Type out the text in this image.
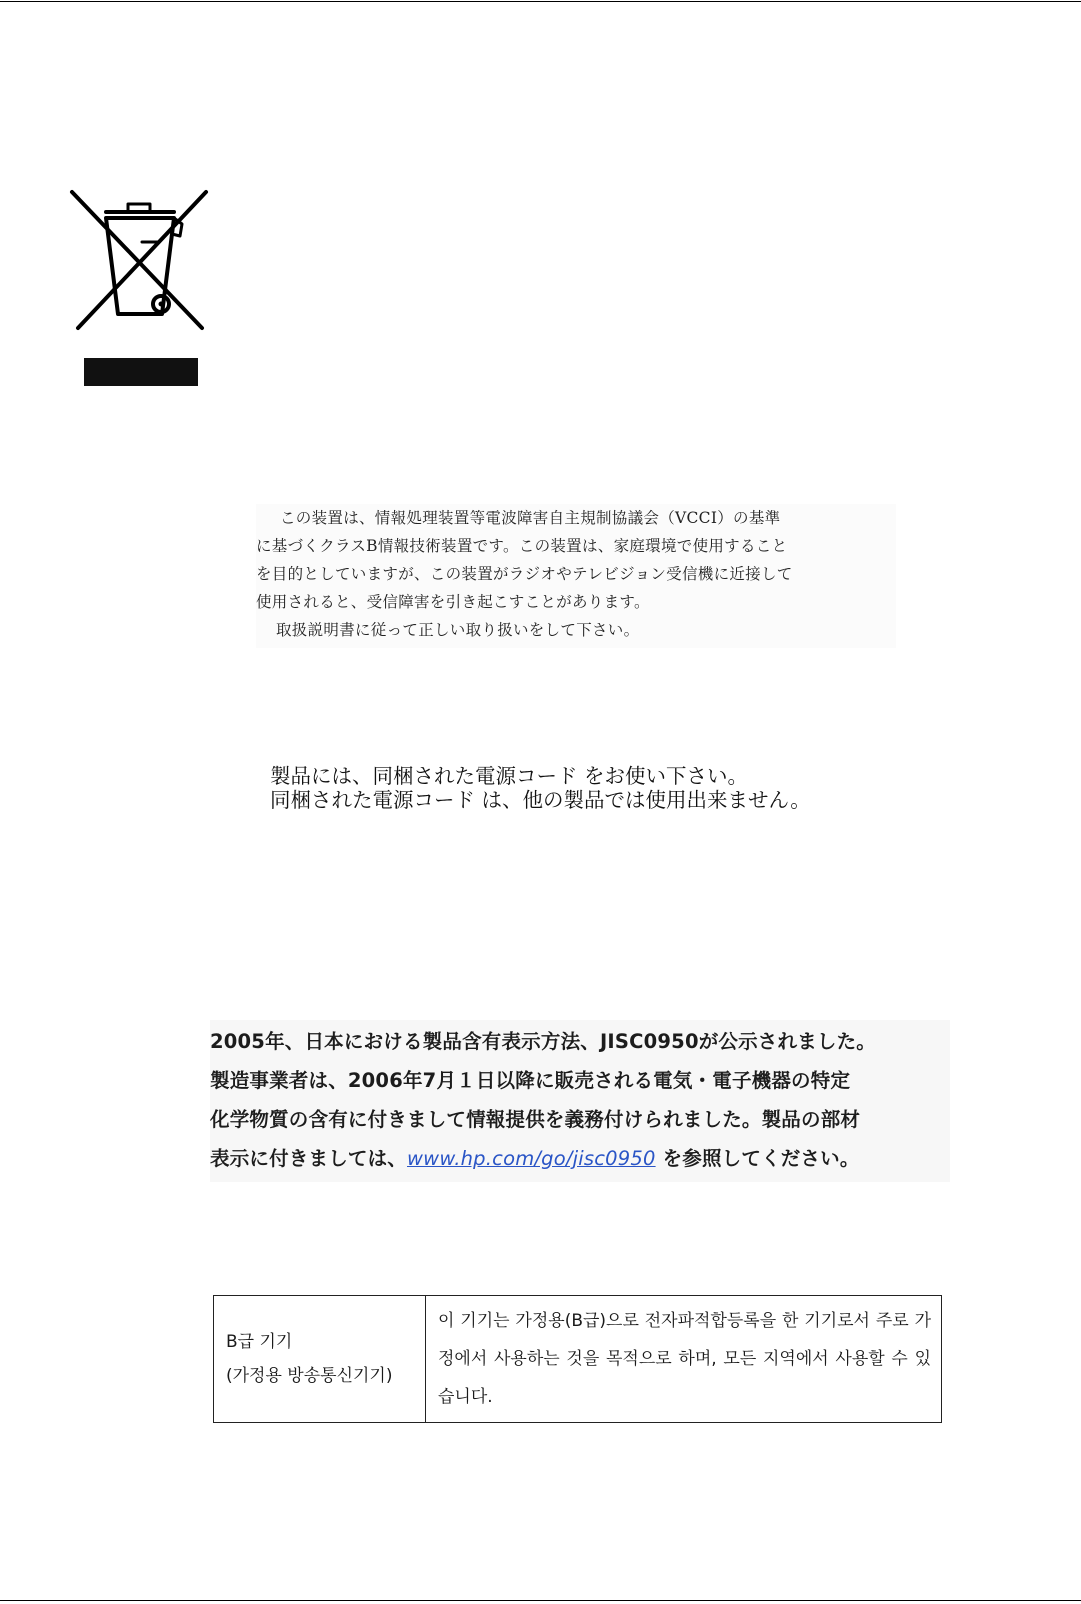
この装置は、情報処理装置等電波障害自主規制協議会（VCCI）の基準
に基づくクラスB情報技術装置です。この装置は、家庭環境で使用すること
を目的としていますが、この装置がラジオやテレビジョン受信機に近接して
使用されると、受信障害を引き起こすことがあります。
取扱説明書に従って正しい取り扱いをして下さい。
製品には、同梱された電源コード をお使い下さい。
同梱された電源コード は、他の製品では使用出来ません。
2005年、日本における製品含有表示方法、JISC0950が公示されました。
製造事業者は、2006年7月１日以降に販売される電気・電子機器の特定
化学物質の含有に付きまして情報提供を義務付けられました。製品の部材
表示に付きましては、www.hp.com/go/jisc0950 を参照してください。
B급 기기
(가정용 방송통신기기)
	이 기기는 가정용(B급)으로 전자파적합등록을 한 기기로서 주로 가정에서 사용하는 것을 목적으로 하며, 모든 지역에서 사용할 수 있습니다.
